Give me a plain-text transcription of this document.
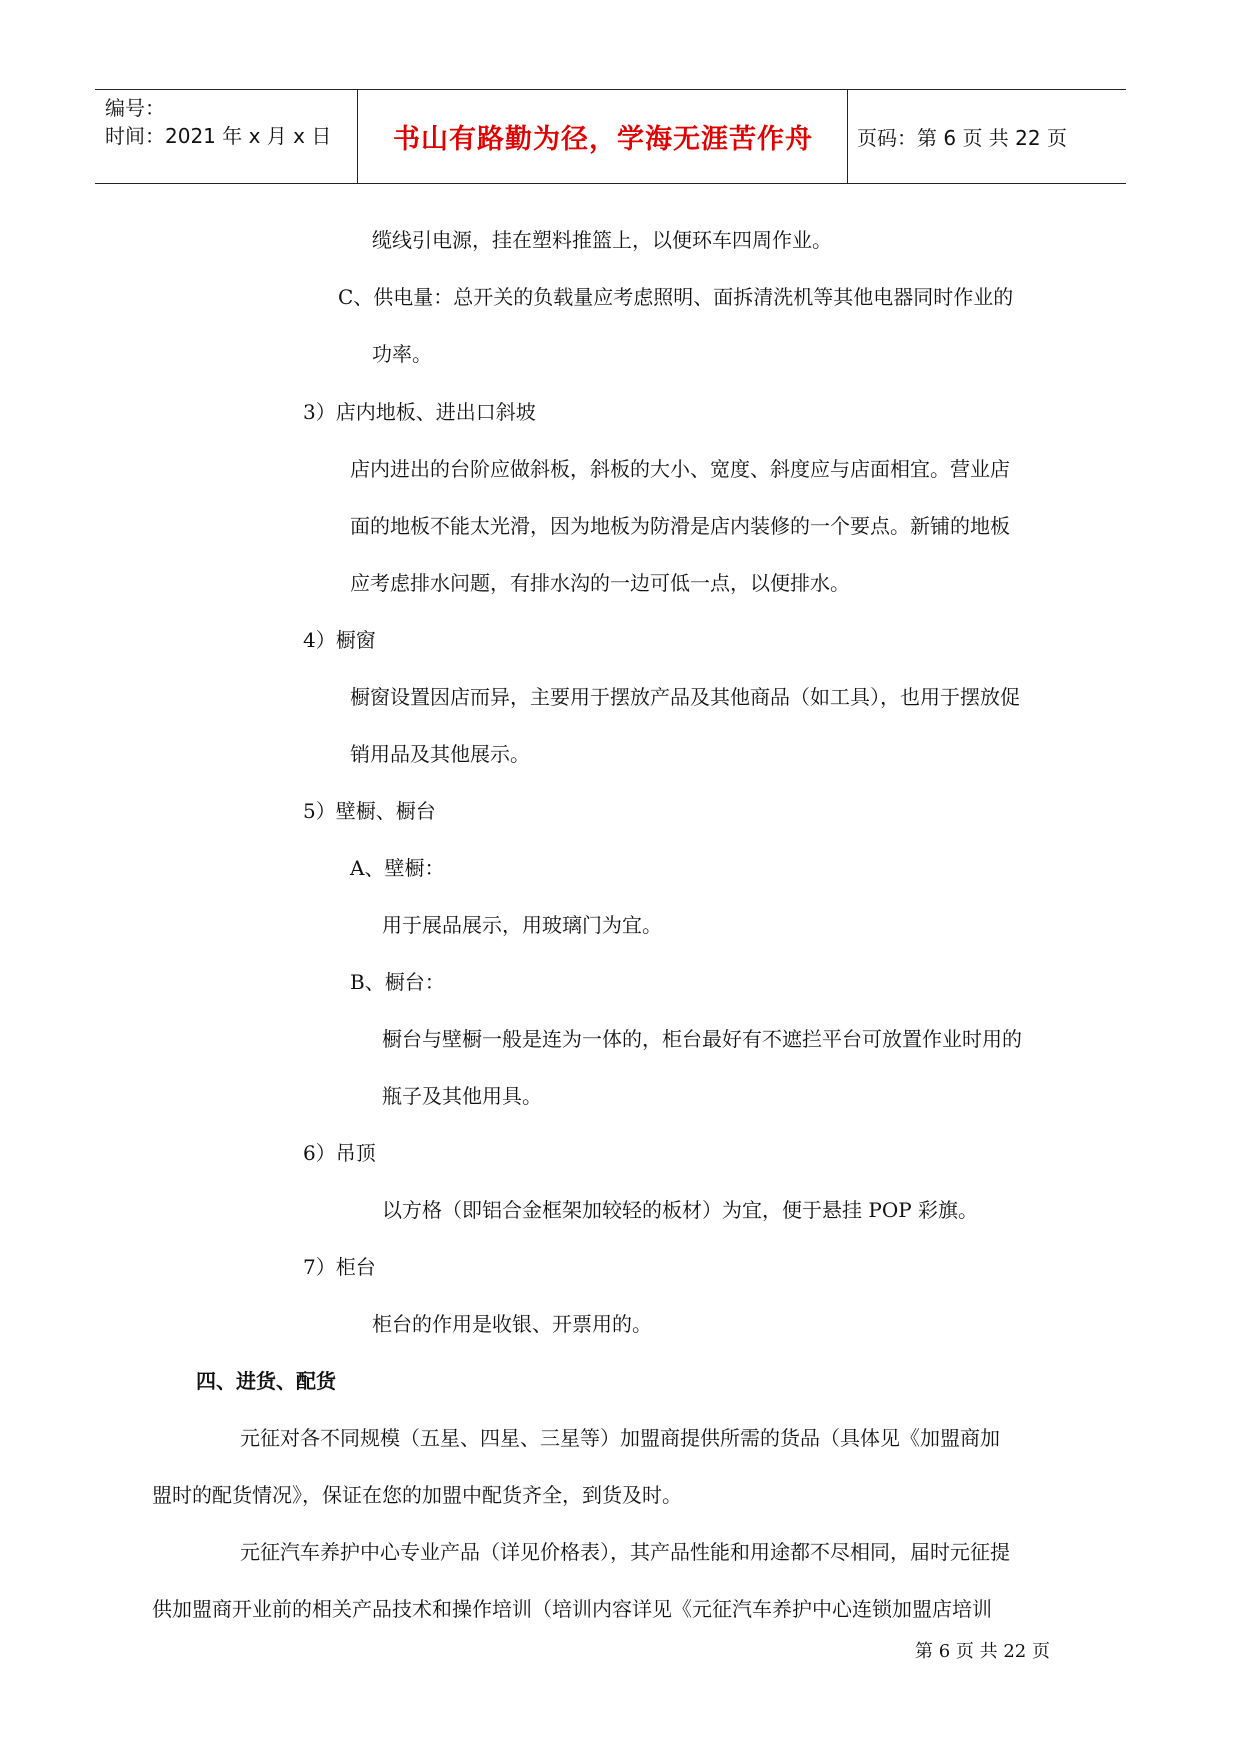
编号：
时间：2021 年 x 月 x 日	书山有路勤为径，学海无涯苦作舟 页码：第 6 页 共 22 页
缆线引电源，挂在塑料推篮上，以便环车四周作业。
C、供电量：总开关的负载量应考虑照明、面拆清洗机等其他电器同时作业的
功率。
3）店内地板、进出口斜坡
店内进出的台阶应做斜板，斜板的大小、宽度、斜度应与店面相宜。营业店
面的地板不能太光滑，因为地板为防滑是店内装修的一个要点。新铺的地板
应考虑排水问题，有排水沟的一边可低一点，以便排水。
4）橱窗
橱窗设置因店而异，主要用于摆放产品及其他商品（如工具），也用于摆放促
销用品及其他展示。
5）壁橱、橱台
A、壁橱：
用于展品展示，用玻璃门为宜。
B、橱台：
橱台与壁橱一般是连为一体的，柜台最好有不遮拦平台可放置作业时用的
瓶子及其他用具。
6）吊顶
以方格（即铝合金框架加较轻的板材）为宜，便于悬挂 POP 彩旗。
7）柜台
柜台的作用是收银、开票用的。
四、进货、配货
元征对各不同规模（五星、四星、三星等）加盟商提供所需的货品（具体见《加盟商加
盟时的配货情况》，保证在您的加盟中配货齐全，到货及时。
元征汽车养护中心专业产品（详见价格表），其产品性能和用途都不尽相同，届时元征提
供加盟商开业前的相关产品技术和操作培训（培训内容详见《元征汽车养护中心连锁加盟店培训
第 6 页 共 22 页
